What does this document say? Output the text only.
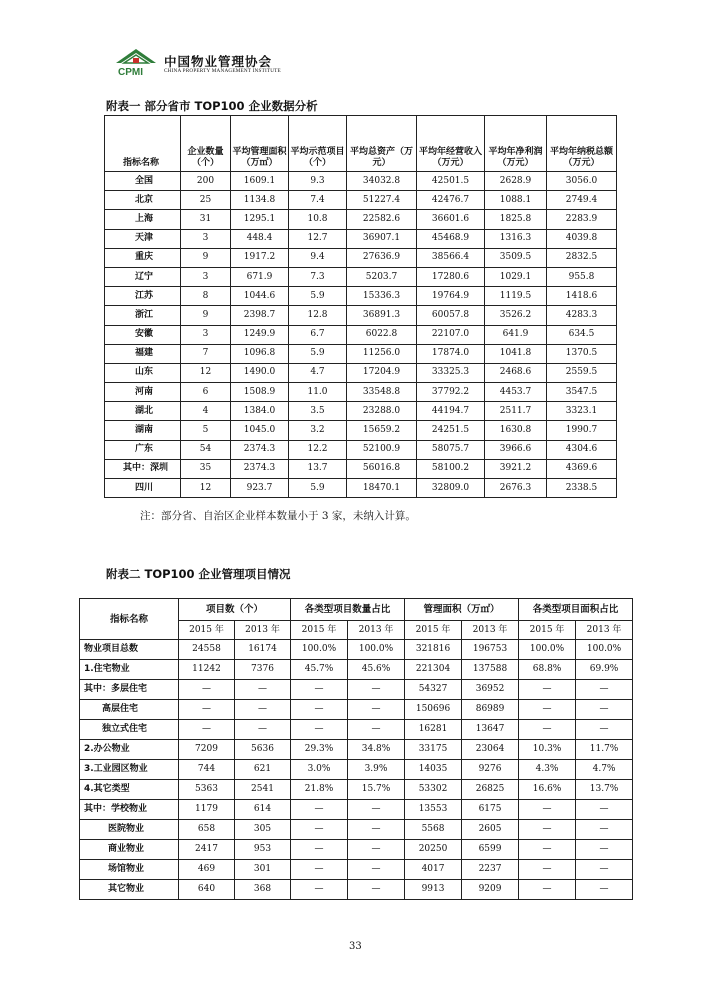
CPMI
中国物业管理协会
CHINA PROPERTY MANAGEMENT INSTITUTE
附表一 部分省市 TOP100 企业数据分析
指标名称	企业数量（个）	平均管理面积（万㎡）	平均示范项目（个）	平均总资产（万元）	平均年经营收入（万元）	平均年净利润（万元）	平均年纳税总额（万元）
全国	200	1609.1	9.3	34032.8	42501.5	2628.9	3056.0
北京	25	1134.8	7.4	51227.4	42476.7	1088.1	2749.4
上海	31	1295.1	10.8	22582.6	36601.6	1825.8	2283.9
天津	3	448.4	12.7	36907.1	45468.9	1316.3	4039.8
重庆	9	1917.2	9.4	27636.9	38566.4	3509.5	2832.5
辽宁	3	671.9	7.3	5203.7	17280.6	1029.1	955.8
江苏	8	1044.6	5.9	15336.3	19764.9	1119.5	1418.6
浙江	9	2398.7	12.8	36891.3	60057.8	3526.2	4283.3
安徽	3	1249.9	6.7	6022.8	22107.0	641.9	634.5
福建	7	1096.8	5.9	11256.0	17874.0	1041.8	1370.5
山东	12	1490.0	4.7	17204.9	33325.3	2468.6	2559.5
河南	6	1508.9	11.0	33548.8	37792.2	4453.7	3547.5
湖北	4	1384.0	3.5	23288.0	44194.7	2511.7	3323.1
湖南	5	1045.0	3.2	15659.2	24251.5	1630.8	1990.7
广东	54	2374.3	12.2	52100.9	58075.7	3966.6	4304.6
其中：深圳	35	2374.3	13.7	56016.8	58100.2	3921.2	4369.6
四川	12	923.7	5.9	18470.1	32809.0	2676.3	2338.5
注：部分省、自治区企业样本数量小于 3 家，未纳入计算。
附表二 TOP100 企业管理项目情况
指标名称	项目数（个）		各类型项目数量占比		管理面积（万㎡）		各类型项目面积占比	
	2015 年	2013 年	2015 年	2013 年	2015 年	2013 年	2015 年	2013 年
物业项目总数	24558	16174	100.0%	100.0%	321816	196753	100.0%	100.0%
1.住宅物业	11242	7376	45.7%	45.6%	221304	137588	68.8%	69.9%
其中：多层住宅	—	—	—	—	54327	36952	—	—
高层住宅	—	—	—	—	150696	86989	—	—
独立式住宅	—	—	—	—	16281	13647	—	—
2.办公物业	7209	5636	29.3%	34.8%	33175	23064	10.3%	11.7%
3.工业园区物业	744	621	3.0%	3.9%	14035	9276	4.3%	4.7%
4.其它类型	5363	2541	21.8%	15.7%	53302	26825	16.6%	13.7%
其中：学校物业	1179	614	—	—	13553	6175	—	—
医院物业	658	305	—	—	5568	2605	—	—
商业物业	2417	953	—	—	20250	6599	—	—
场馆物业	469	301	—	—	4017	2237	—	—
其它物业	640	368	—	—	9913	9209	—	—
33
